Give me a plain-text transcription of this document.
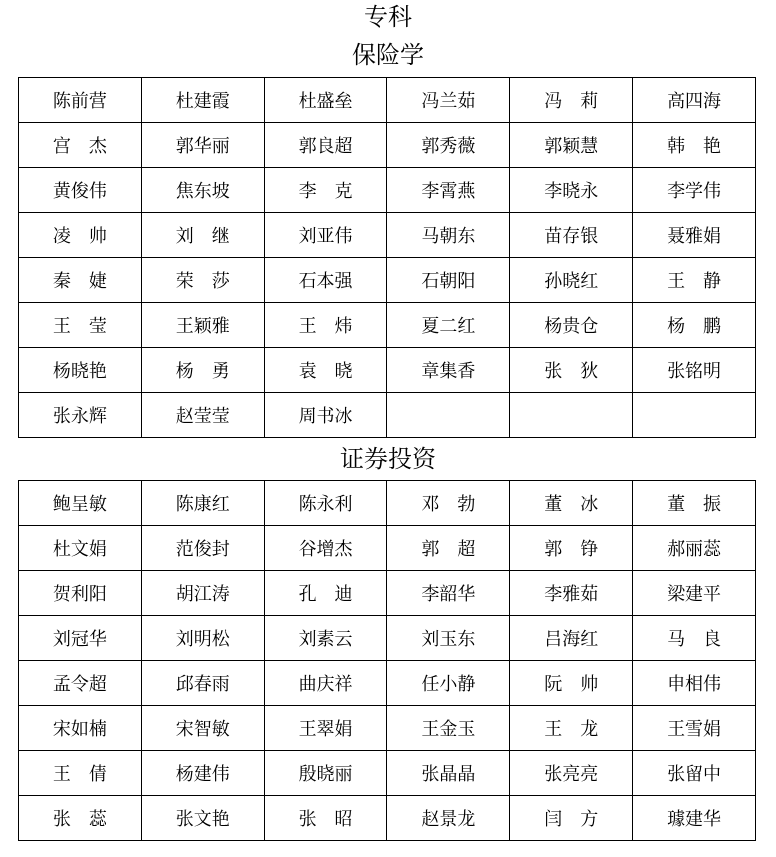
专科
保险学
陈前营	杜建霞	杜盛垒	冯兰茹	冯　莉	高四海
宫　杰	郭华丽	郭良超	郭秀薇	郭颖慧	韩　艳
黄俊伟	焦东坡	李　克	李霄燕	李晓永	李学伟
凌　帅	刘　继	刘亚伟	马朝东	苗存银	聂雅娟
秦　婕	荣　莎	石本强	石朝阳	孙晓红	王　静
王　莹	王颖雅	王　炜	夏二红	杨贵仓	杨　鹏
杨晓艳	杨　勇	袁　晓	章集香	张　狄	张铭明
张永辉	赵莹莹	周书冰			
证券投资
鲍呈敏	陈康红	陈永利	邓　勃	董　冰	董　振
杜文娟	范俊封	谷增杰	郭　超	郭　铮	郝丽蕊
贺利阳	胡江涛	孔　迪	李韶华	李雅茹	梁建平
刘冠华	刘明松	刘素云	刘玉东	吕海红	马　良
孟令超	邱春雨	曲庆祥	任小静	阮　帅	申相伟
宋如楠	宋智敏	王翠娟	王金玉	王　龙	王雪娟
王　倩	杨建伟	殷晓丽	张晶晶	张亮亮	张留中
张　蕊	张文艳	张　昭	赵景龙	闫　方	璩建华
